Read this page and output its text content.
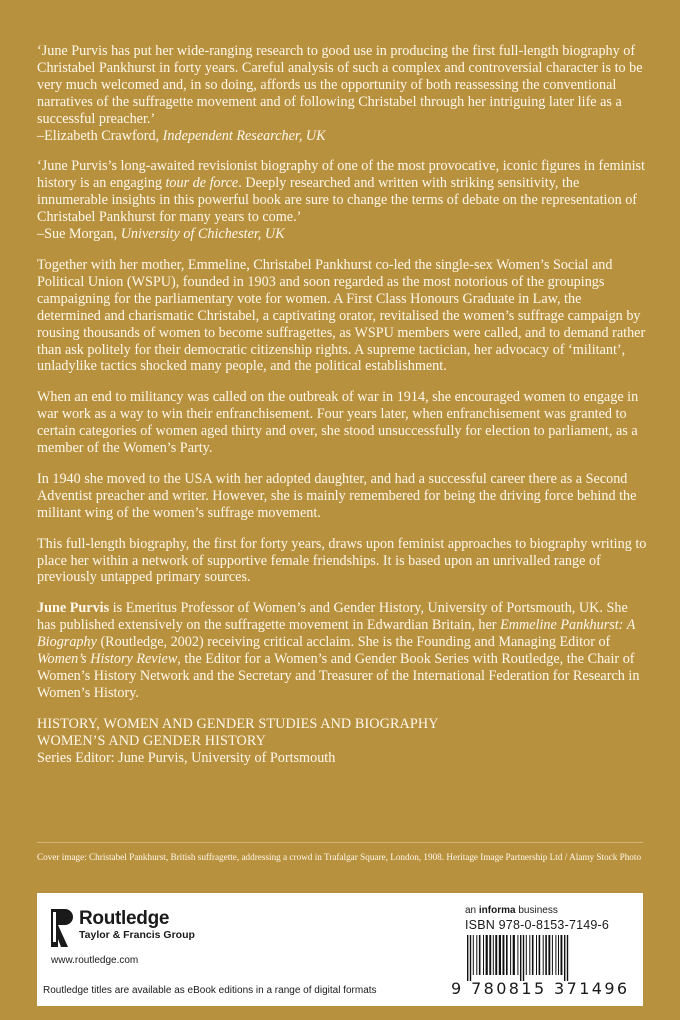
‘June Purvis has put her wide-ranging research to good use in producing the first full-length biography of Christabel Pankhurst in forty years. Careful analysis of such a complex and controversial character is to be very much welcomed and, in so doing, affords us the opportunity of both reassessing the conventional narratives of the suffragette movement and of following Christabel through her intriguing later life as a successful preacher.’
–Elizabeth Crawford, Independent Researcher, UK

‘June Purvis’s long-awaited revisionist biography of one of the most provocative, iconic figures in feminist history is an engaging tour de force. Deeply researched and written with striking sensitivity, the innumerable insights in this powerful book are sure to change the terms of debate on the representation of Christabel Pankhurst for many years to come.’
–Sue Morgan, University of Chichester, UK

Together with her mother, Emmeline, Christabel Pankhurst co-led the single-sex Women’s Social and Political Union (WSPU), founded in 1903 and soon regarded as the most notorious of the groupings campaigning for the parliamentary vote for women. A First Class Honours Graduate in Law, the determined and charismatic Christabel, a captivating orator, revitalised the women’s suffrage campaign by rousing thousands of women to become suffragettes, as WSPU members were called, and to demand rather than ask politely for their democratic citizenship rights. A supreme tactician, her advocacy of ‘militant’, unladylike tactics shocked many people, and the political establishment.

When an end to militancy was called on the outbreak of war in 1914, she encouraged women to engage in war work as a way to win their enfranchisement. Four years later, when enfranchisement was granted to certain categories of women aged thirty and over, she stood unsuccessfully for election to parliament, as a member of the Women’s Party.

In 1940 she moved to the USA with her adopted daughter, and had a successful career there as a Second Adventist preacher and writer. However, she is mainly remembered for being the driving force behind the militant wing of the women’s suffrage movement.

This full-length biography, the first for forty years, draws upon feminist approaches to biography writing to place her within a network of supportive female friendships. It is based upon an unrivalled range of previously untapped primary sources.

June Purvis is Emeritus Professor of Women’s and Gender History, University of Portsmouth, UK. She has published extensively on the suffragette movement in Edwardian Britain, her Emmeline Pankhurst: A Biography (Routledge, 2002) receiving critical acclaim. She is the Founding and Managing Editor of Women’s History Review, the Editor for a Women’s and Gender Book Series with Routledge, the Chair of Women’s History Network and the Secretary and Treasurer of the International Federation for Research in Women’s History.

HISTORY, WOMEN AND GENDER STUDIES AND BIOGRAPHY
WOMEN’S AND GENDER HISTORY
Series Editor: June Purvis, University of Portsmouth
Cover image: Christabel Pankhurst, British suffragette, addressing a crowd in Trafalgar Square, London, 1908. Heritage Image Partnership Ltd / Alamy Stock Photo
Routledge
Taylor & Francis Group
www.routledge.com
Routledge titles are available as eBook editions in a range of digital formats
an informa business
ISBN 978-0-8153-7149-6
9 780815 371496
